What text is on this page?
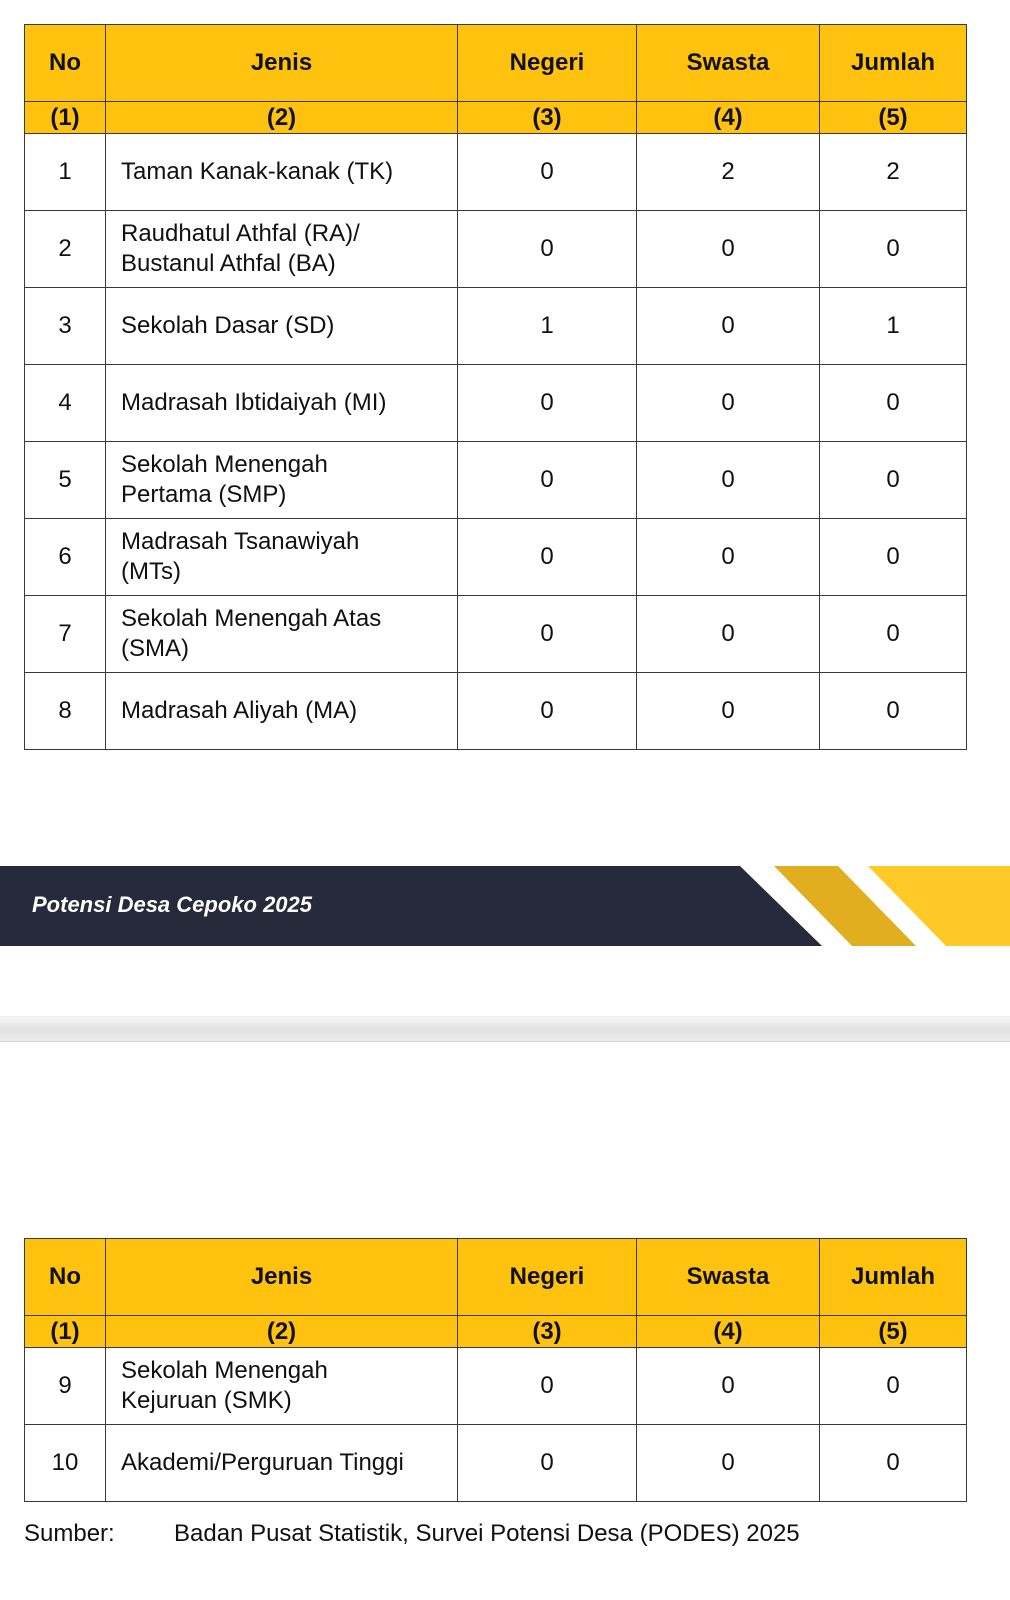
No	Jenis	Negeri	Swasta	Jumlah
(1)	(2)	(3)	(4)	(5)
1	Taman Kanak-kanak (TK)	0	2	2
2	Raudhatul Athfal (RA)/
Bustanul Athfal (BA)	0	0	0
3	Sekolah Dasar (SD)	1	0	1
4	Madrasah Ibtidaiyah (MI)	0	0	0
5	Sekolah Menengah
Pertama (SMP)	0	0	0
6	Madrasah Tsanawiyah
(MTs)	0	0	0
7	Sekolah Menengah Atas
(SMA)	0	0	0
8	Madrasah Aliyah (MA)	0	0	0
Potensi Desa Cepoko 2025
No	Jenis	Negeri	Swasta	Jumlah
(1)	(2)	(3)	(4)	(5)
9	Sekolah Menengah
Kejuruan (SMK)	0	0	0
10	Akademi/Perguruan Tinggi	0	0	0
Sumber: Badan Pusat Statistik, Survei Potensi Desa (PODES) 2025
